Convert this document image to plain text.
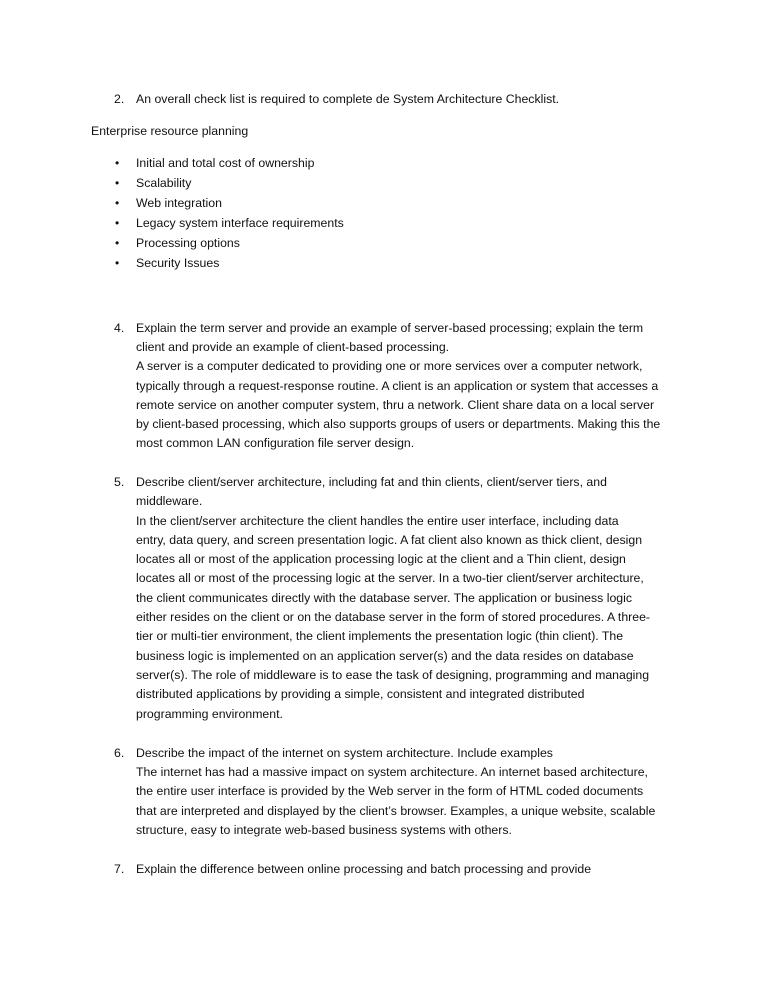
2. An overall check list is required to complete de System Architecture Checklist.
Enterprise resource planning
• Initial and total cost of ownership
• Scalability
• Web integration
• Legacy system interface requirements
• Processing options
• Security Issues
4. Explain the term server and provide an example of server-based processing; explain the term
client and provide an example of client-based processing.
A server is a computer dedicated to providing one or more services over a computer network,
typically through a request-response routine. A client is an application or system that accesses a
remote service on another computer system, thru a network. Client share data on a local server
by client-based processing, which also supports groups of users or departments. Making this the
most common LAN configuration file server design.
5. Describe client/server architecture, including fat and thin clients, client/server tiers, and
middleware.
In the client/server architecture the client handles the entire user interface, including data
entry, data query, and screen presentation logic. A fat client also known as thick client, design
locates all or most of the application processing logic at the client and a Thin client, design
locates all or most of the processing logic at the server. In a two-tier client/server architecture,
the client communicates directly with the database server. The application or business logic
either resides on the client or on the database server in the form of stored procedures. A three-
tier or multi-tier environment, the client implements the presentation logic (thin client). The
business logic is implemented on an application server(s) and the data resides on database
server(s). The role of middleware is to ease the task of designing, programming and managing
distributed applications by providing a simple, consistent and integrated distributed
programming environment.
6. Describe the impact of the internet on system architecture. Include examples
The internet has had a massive impact on system architecture. An internet based architecture,
the entire user interface is provided by the Web server in the form of HTML coded documents
that are interpreted and displayed by the client’s browser. Examples, a unique website, scalable
structure, easy to integrate web-based business systems with others.
7. Explain the difference between online processing and batch processing and provide
